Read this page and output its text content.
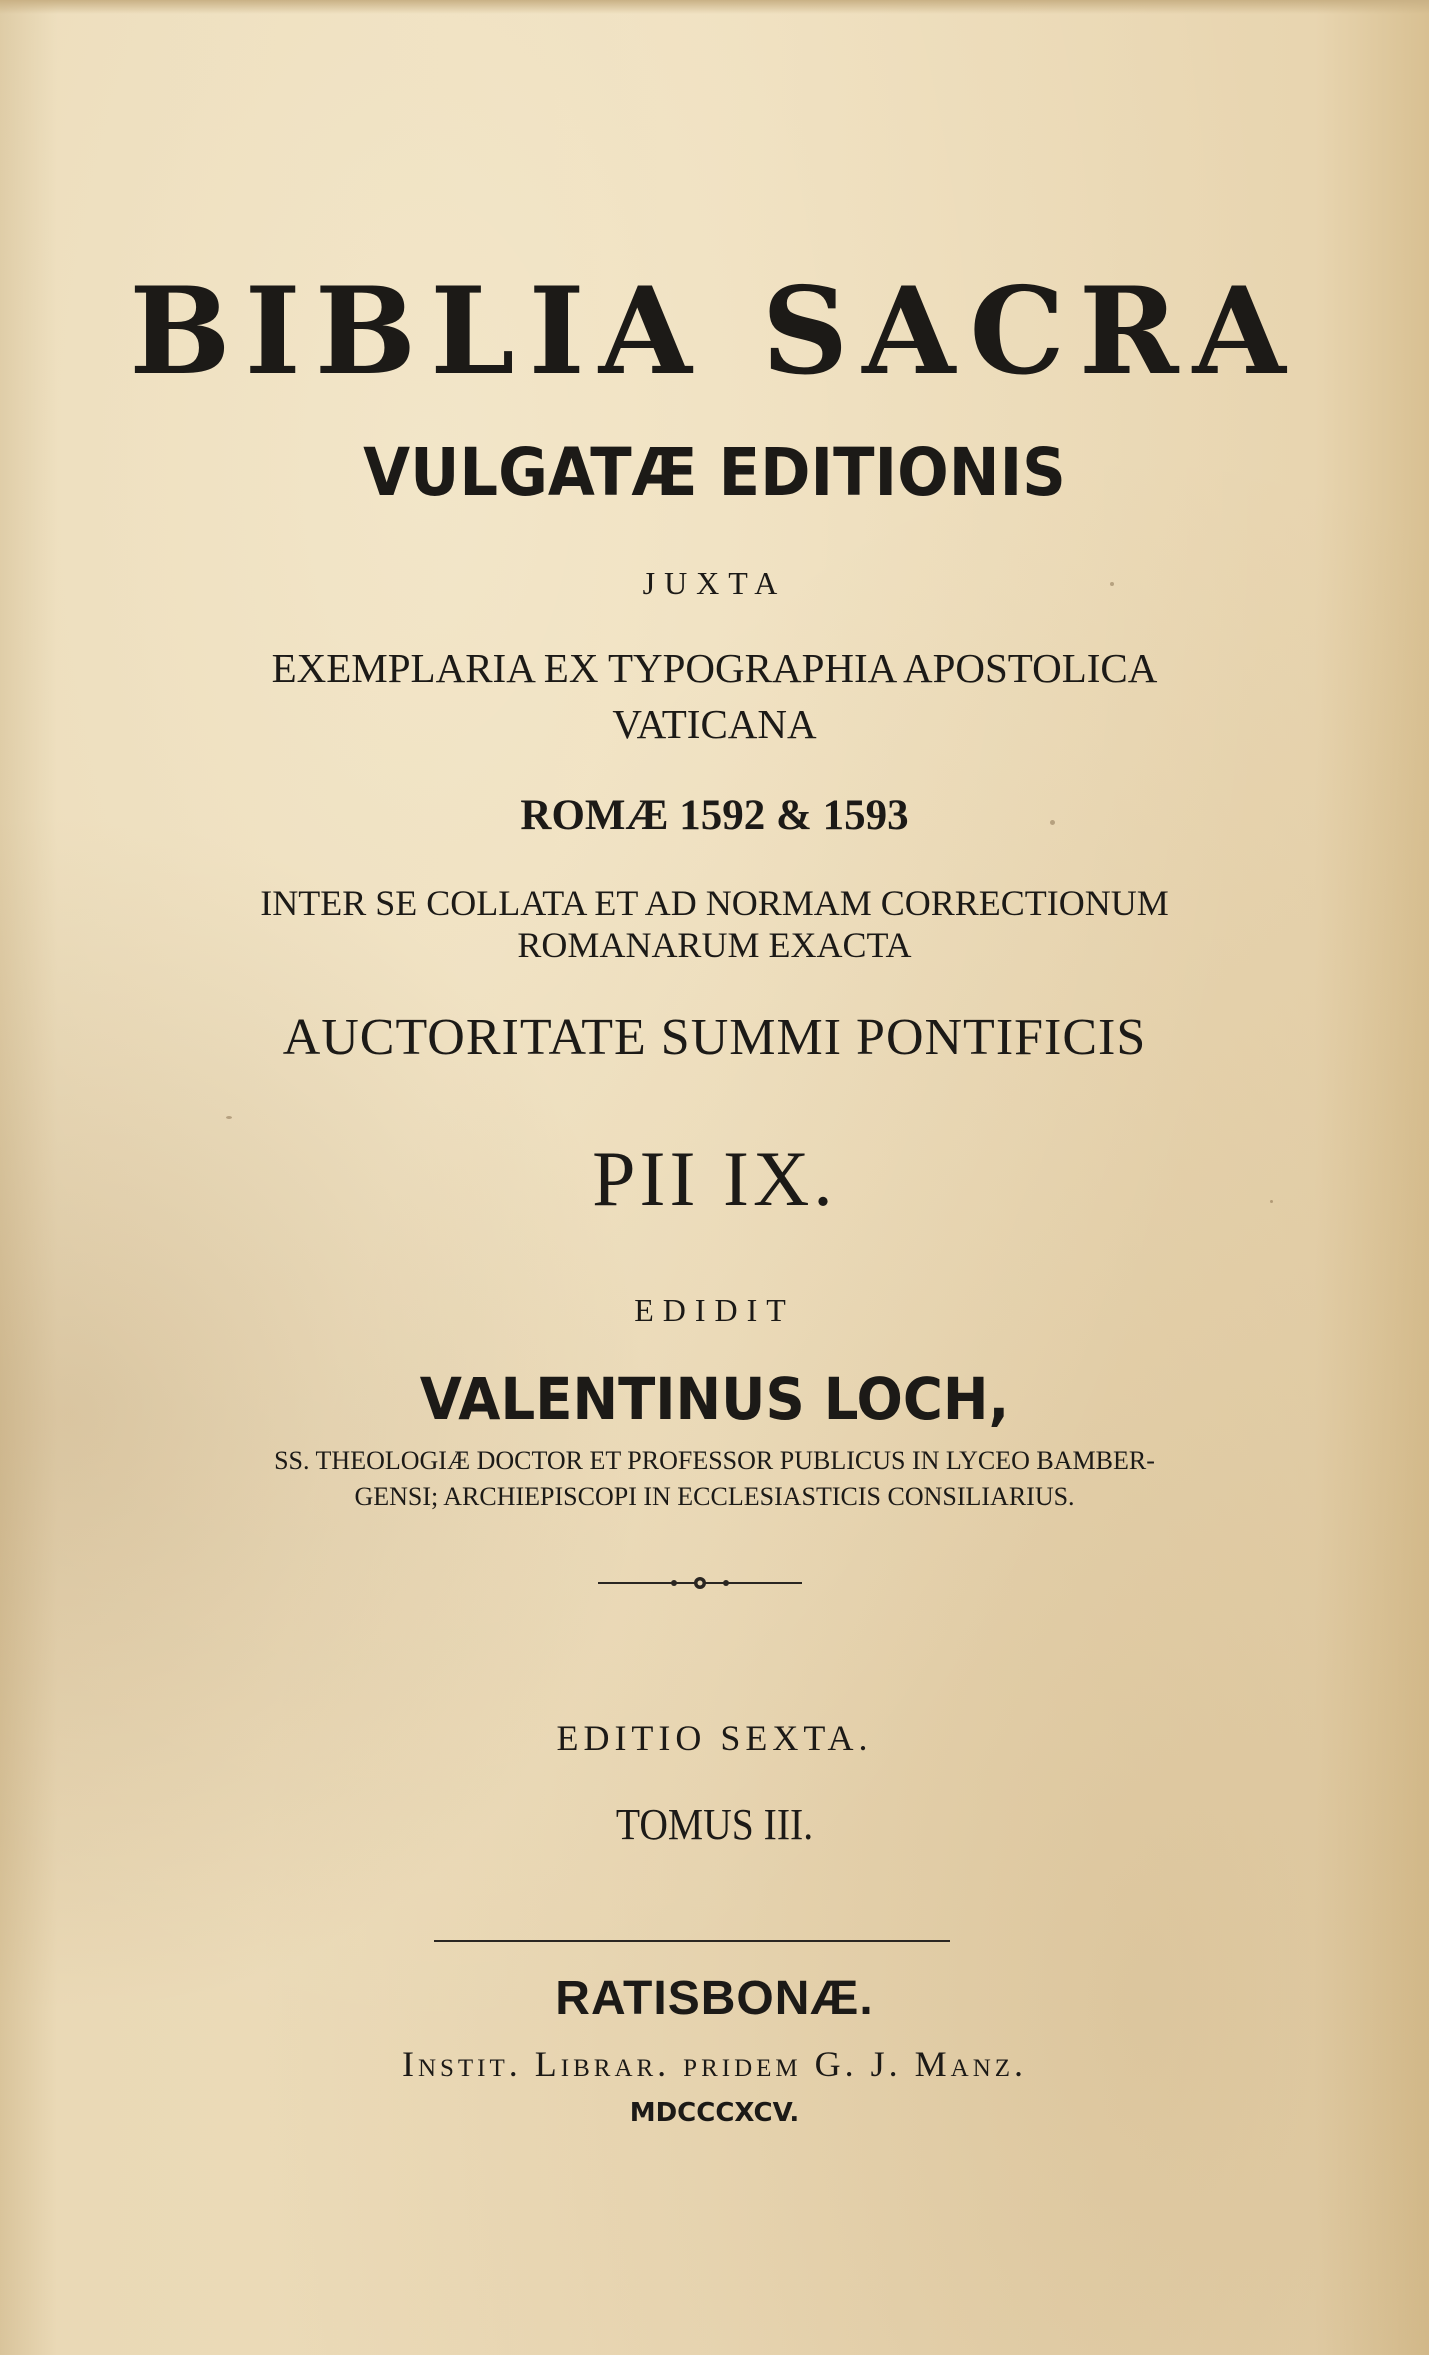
BIBLIA SACRA
VULGATÆ EDITIONIS

JUXTA

EXEMPLARIA EX TYPOGRAPHIA APOSTOLICA

VATICANA

ROMÆ 1592 & 1593

INTER SE COLLATA ET AD NORMAM CORRECTIONUM

ROMANARUM EXACTA

AUCTORITATE SUMMI PONTIFICIS

PII IX.

EDIDIT

VALENTINUS LOCH,

SS. THEOLOGIÆ DOCTOR ET PROFESSOR PUBLICUS IN LYCEO BAMBER-

GENSI; ARCHIEPISCOPI IN ECCLESIASTICIS CONSILIARIUS.

EDITIO SEXTA.

TOMUS III.

RATISBONÆ.

Instit. Librar. pridem G. J. Manz.

MDCCCXCV.
